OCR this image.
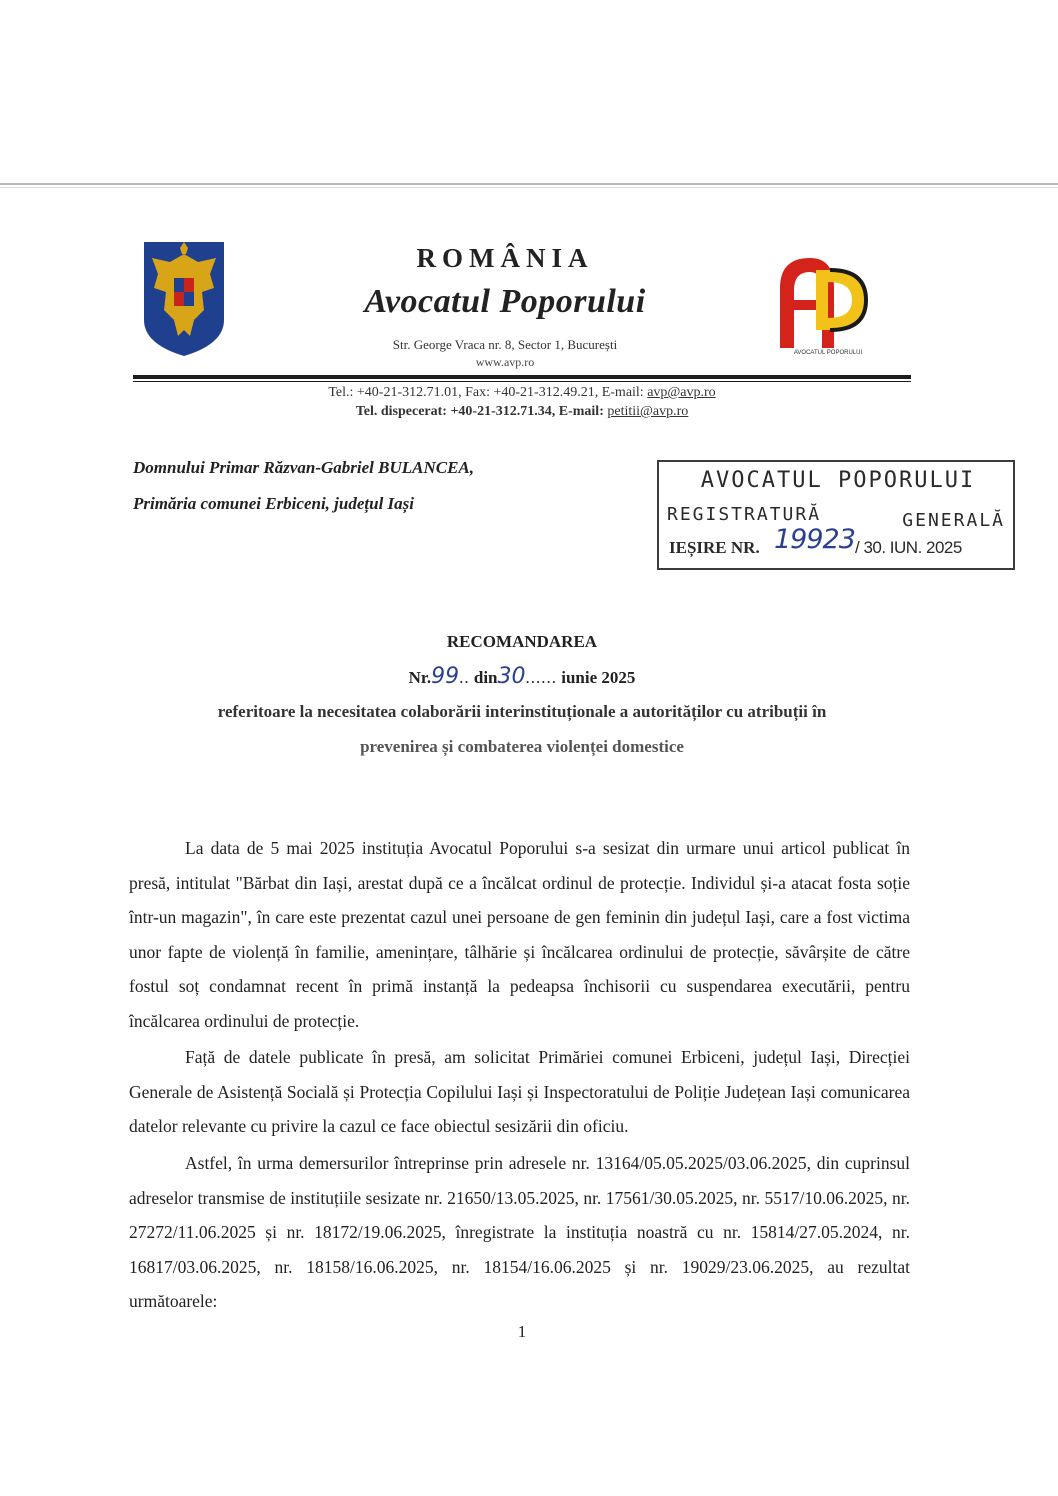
ROMÂNIA
Avocatul Poporului
Str. George Vraca nr. 8, Sector 1, București
www.avp.ro
AVOCATUL POPORULUI
Tel.: +40-21-312.71.01, Fax: +40-21-312.49.21, E-mail: avp@avp.ro
Tel. dispecerat: +40-21-312.71.34, E-mail: petitii@avp.ro
Domnului Primar Răzvan-Gabriel BULANCEA,
Primăria comunei Erbiceni, județul Iași
AVOCATUL POPORULUI
REGISTRATURĂ	GENERALĂ
IEȘIRE NR. 19923 / 30. IUN. 2025
RECOMANDAREA
Nr.99.. din30...... iunie 2025
referitoare la necesitatea colaborării interinstituționale a autorităților cu atribuții în
prevenirea și combaterea violenței domestice
La data de 5 mai 2025 instituția Avocatul Poporului s-a sesizat din urmare unui articol publicat în presă, intitulat "Bărbat din Iași, arestat după ce a încălcat ordinul de protecție. Individul și-a atacat fosta soție într-un magazin", în care este prezentat cazul unei persoane de gen feminin din județul Iași, care a fost victima unor fapte de violență în familie, amenințare, tâlhărie și încălcarea ordinului de protecție, săvârșite de către fostul soț condamnat recent în primă instanță la pedeapsa închisorii cu suspendarea executării, pentru încălcarea ordinului de protecție.
Față de datele publicate în presă, am solicitat Primăriei comunei Erbiceni, județul Iași, Direcției Generale de Asistență Socială și Protecția Copilului Iași și Inspectoratului de Poliție Județean Iași comunicarea datelor relevante cu privire la cazul ce face obiectul sesizării din oficiu.
Astfel, în urma demersurilor întreprinse prin adresele nr. 13164/05.05.2025/03.06.2025, din cuprinsul adreselor transmise de instituțiile sesizate nr. 21650/13.05.2025, nr. 17561/30.05.2025, nr. 5517/10.06.2025, nr. 27272/11.06.2025 și nr. 18172/19.06.2025, înregistrate la instituția noastră cu nr. 15814/27.05.2024, nr. 16817/03.06.2025, nr. 18158/16.06.2025, nr. 18154/16.06.2025 și nr. 19029/23.06.2025, au rezultat următoarele:
1
